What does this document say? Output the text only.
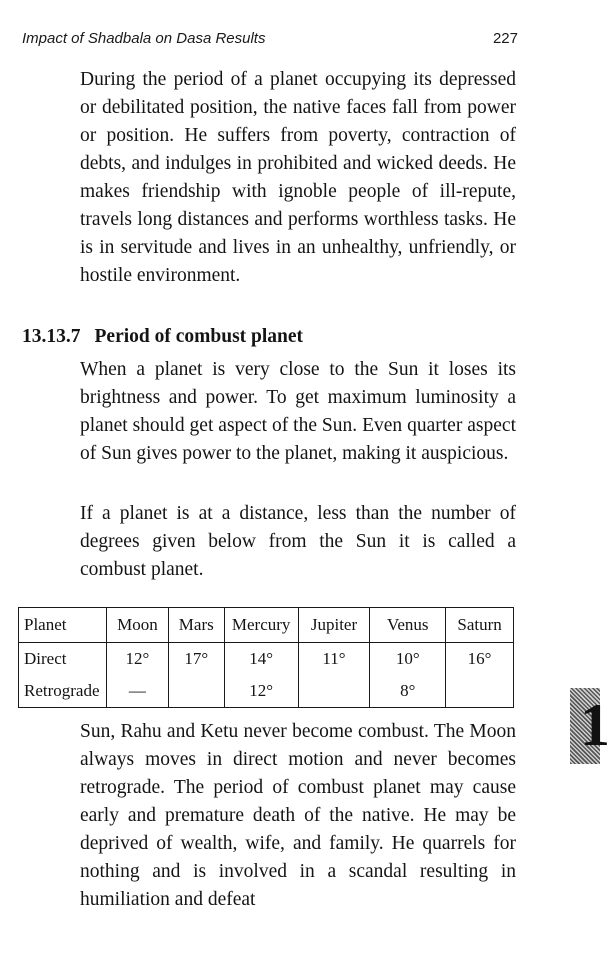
Impact of Shadbala on Dasa Results	227

During the period of a planet occupying its depressed or debilitated position, the native faces fall from power or position. He suffers from poverty, contraction of debts, and indulges in prohibited and wicked deeds. He makes friendship with ignoble people of ill-repute, travels long distances and performs worthless tasks. He is in servitude and lives in an unhealthy, unfriendly, or hostile environment.

13.13.7 Period of combust planet

When a planet is very close to the Sun it loses its brightness and power. To get maximum luminosity a planet should get aspect of the Sun. Even quarter aspect of Sun gives power to the planet, making it auspicious.

If a planet is at a distance, less than the number of degrees given below from the Sun it is called a combust planet.

Planet	Moon	Mars	Mercury	Jupiter	Venus	Saturn
Direct	12°	17°	14°	11°	10°	16°
Retrograde	—		12°		8°	

Sun, Rahu and Ketu never become combust. The Moon always moves in direct motion and never becomes retrograde. The period of combust planet may cause early and premature death of the native. He may be deprived of wealth, wife, and family. He quarrels for nothing and is involved in a scandal resulting in humiliation and defeat

1
